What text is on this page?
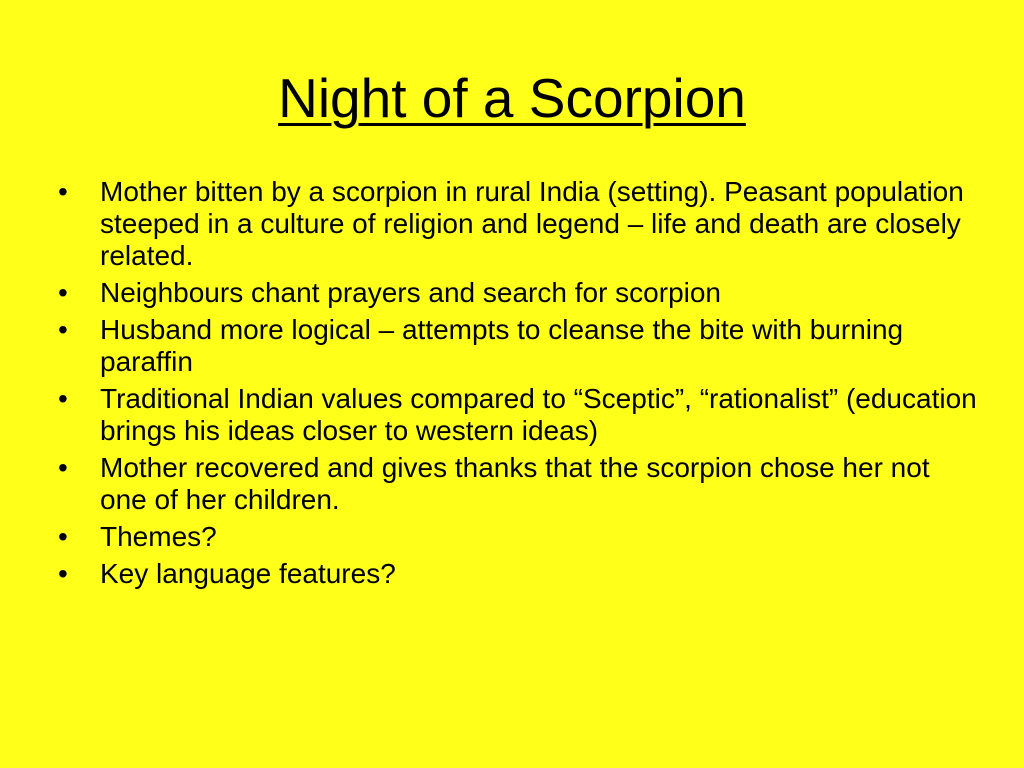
Night of a Scorpion
•	Mother bitten by a scorpion in rural India (setting). Peasant population steeped in a culture of religion and legend – life and death are closely related.
•	Neighbours chant prayers and search for scorpion
•	Husband more logical – attempts to cleanse the bite with burning paraffin
•	Traditional Indian values compared to “Sceptic”, “rationalist” (education brings his ideas closer to western ideas)
•	Mother recovered and gives thanks that the scorpion chose her not one of her children.
•	Themes?
•	Key language features?
